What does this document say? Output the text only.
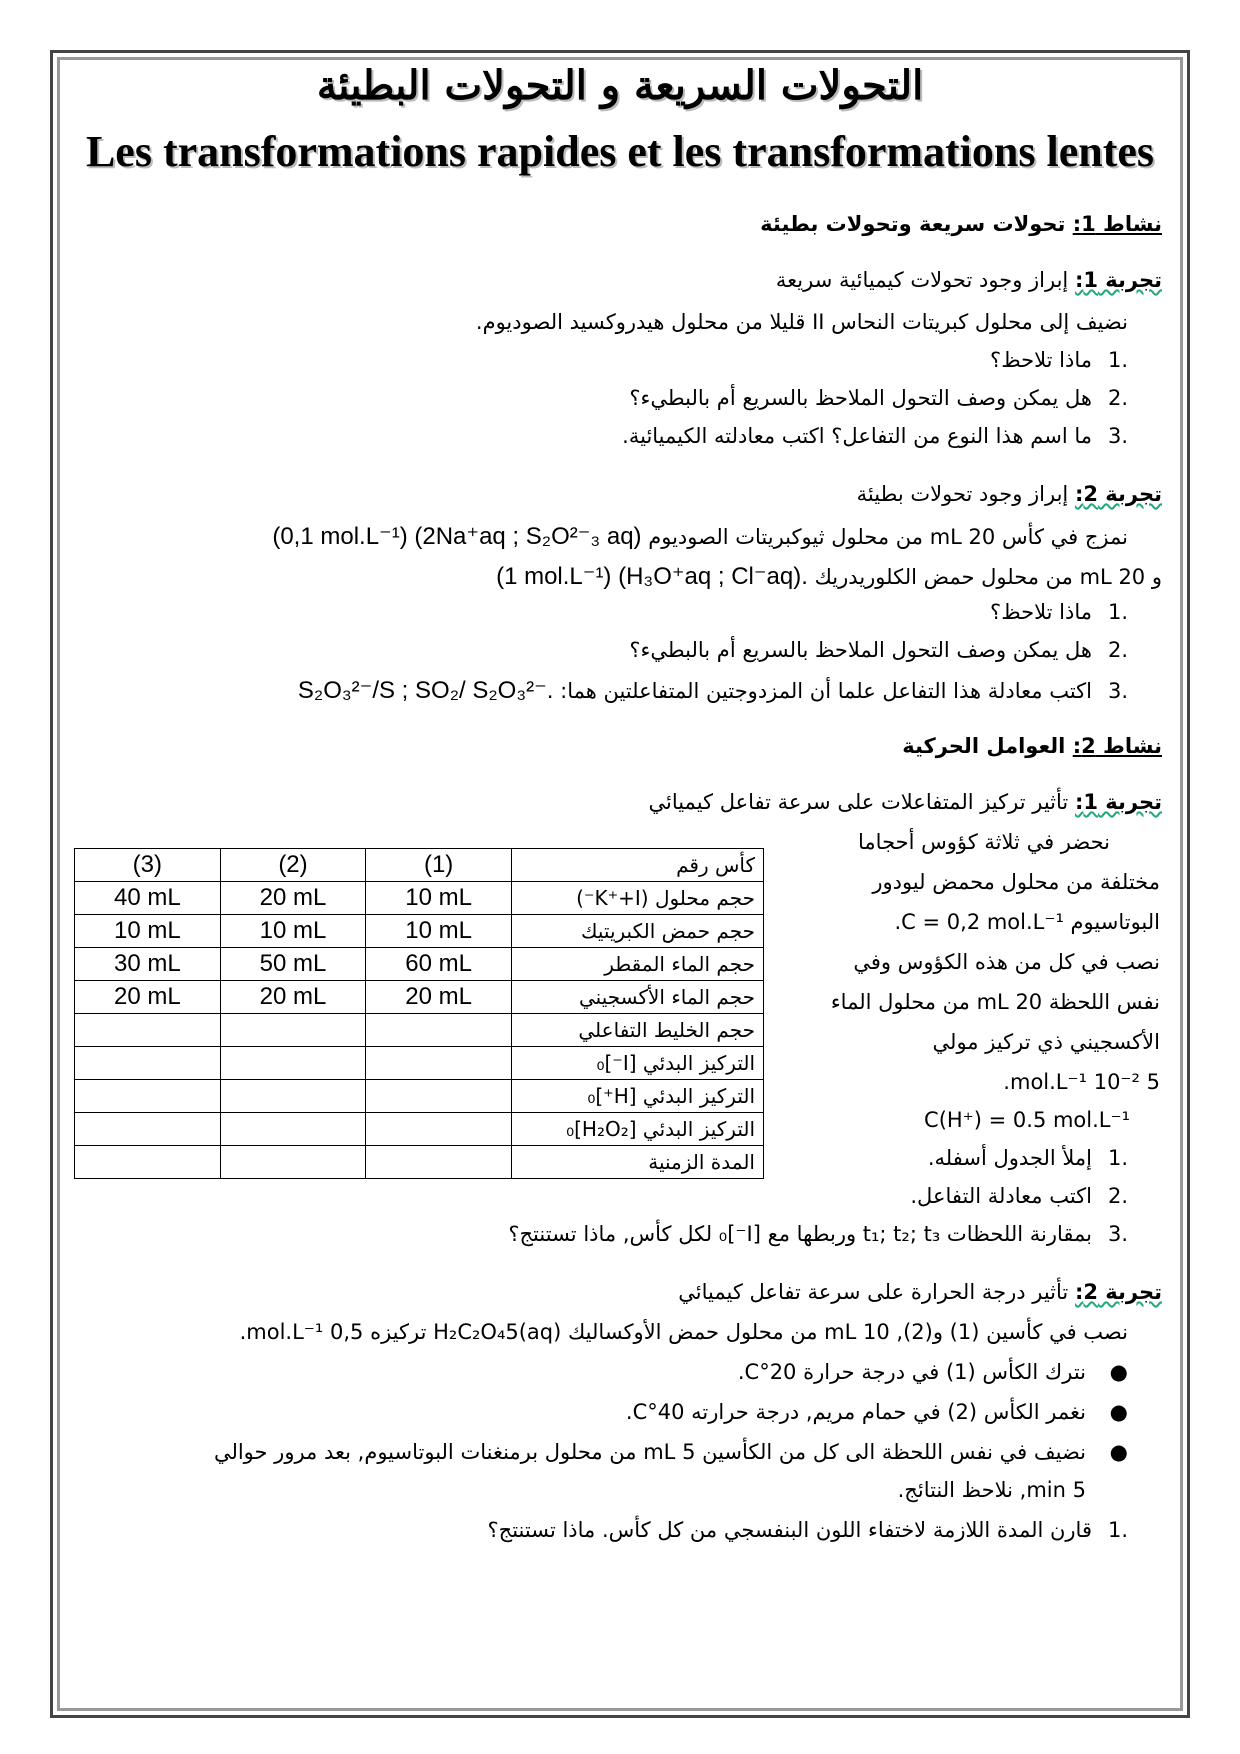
التحولات السريعة و التحولات البطيئة
Les transformations rapides et les transformations lentes
نشاط 1: تحولات سريعة وتحولات بطيئة
تجربة 1: إبراز وجود تحولات كيميائية سريعة
نضيف إلى محلول كبريتات النحاس II قليلا من محلول هيدروكسيد الصوديوم.
.1ماذا تلاحظ؟
.2هل يمكن وصف التحول الملاحظ بالسريع أم بالبطيء؟
.3ما اسم هذا النوع من التفاعل؟ اكتب معادلته الكيميائية.
تجربة 2: إبراز وجود تحولات بطيئة
نمزج في كأس 20 mL من محلول ثيوكبريتات الصوديوم (0,1 mol.L⁻¹) (2Na⁺aq ; S₂O²⁻₃ aq)
و 20 mL من محلول حمض الكلوريدريك (1 mol.L⁻¹) (H₃O⁺aq ; Cl⁻aq).
.1ماذا تلاحظ؟
.2هل يمكن وصف التحول الملاحظ بالسريع أم بالبطيء؟
.3اكتب معادلة هذا التفاعل علما أن المزدوجتين المتفاعلتين هما: S₂O₃²⁻/S ; SO₂/ S₂O₃²⁻.
نشاط 2: العوامل الحركية
تجربة 1: تأثير تركيز المتفاعلات على سرعة تفاعل كيميائي
(3)	(2)	(1)	كأس رقم
40 mL	20 mL	10 mL	حجم محلول (K⁺+I⁻)
10 mL	10 mL	10 mL	حجم حمض الكبريتيك
30 mL	50 mL	60 mL	حجم الماء المقطر
20 mL	20 mL	20 mL	حجم الماء الأكسجيني
			حجم الخليط التفاعلي
			التركيز البدئي [I⁻]₀
			التركيز البدئي [H⁺]₀
			التركيز البدئي [H₂O₂]₀
			المدة الزمنية
نحضر في ثلاثة كؤوس أحجاما
مختلفة من محلول محمض ليودور
البوتاسيوم C = 0,2 mol.L⁻¹.
نصب في كل من هذه الكؤوس وفي
نفس اللحظة 20 mL من محلول الماء
الأكسجيني ذي تركيز مولي
5 10⁻² mol.L⁻¹.
C(H⁺) = 0.5 mol.L⁻¹
.1إملأ الجدول أسفله.
.2اكتب معادلة التفاعل.
.3بمقارنة اللحظات t₁; t₂; t₃ وربطها مع [I⁻]₀ لكل كأس, ماذا تستنتج؟
تجربة 2: تأثير درجة الحرارة على سرعة تفاعل كيميائي
نصب في كأسين (1) و(2), 10 mL من محلول حمض الأوكساليك H₂C₂O₄5(aq) تركيزه 0,5 mol.L⁻¹.
●نترك الكأس (1) في درجة حرارة 20°C.
●نغمر الكأس (2) في حمام مريم, درجة حرارته 40°C.
●نضيف في نفس اللحظة الى كل من الكأسين 5 mL من محلول برمنغنات البوتاسيوم, بعد مرور حوالي
5 min, نلاحظ النتائج.
.1قارن المدة اللازمة لاختفاء اللون البنفسجي من كل كأس. ماذا تستنتج؟
